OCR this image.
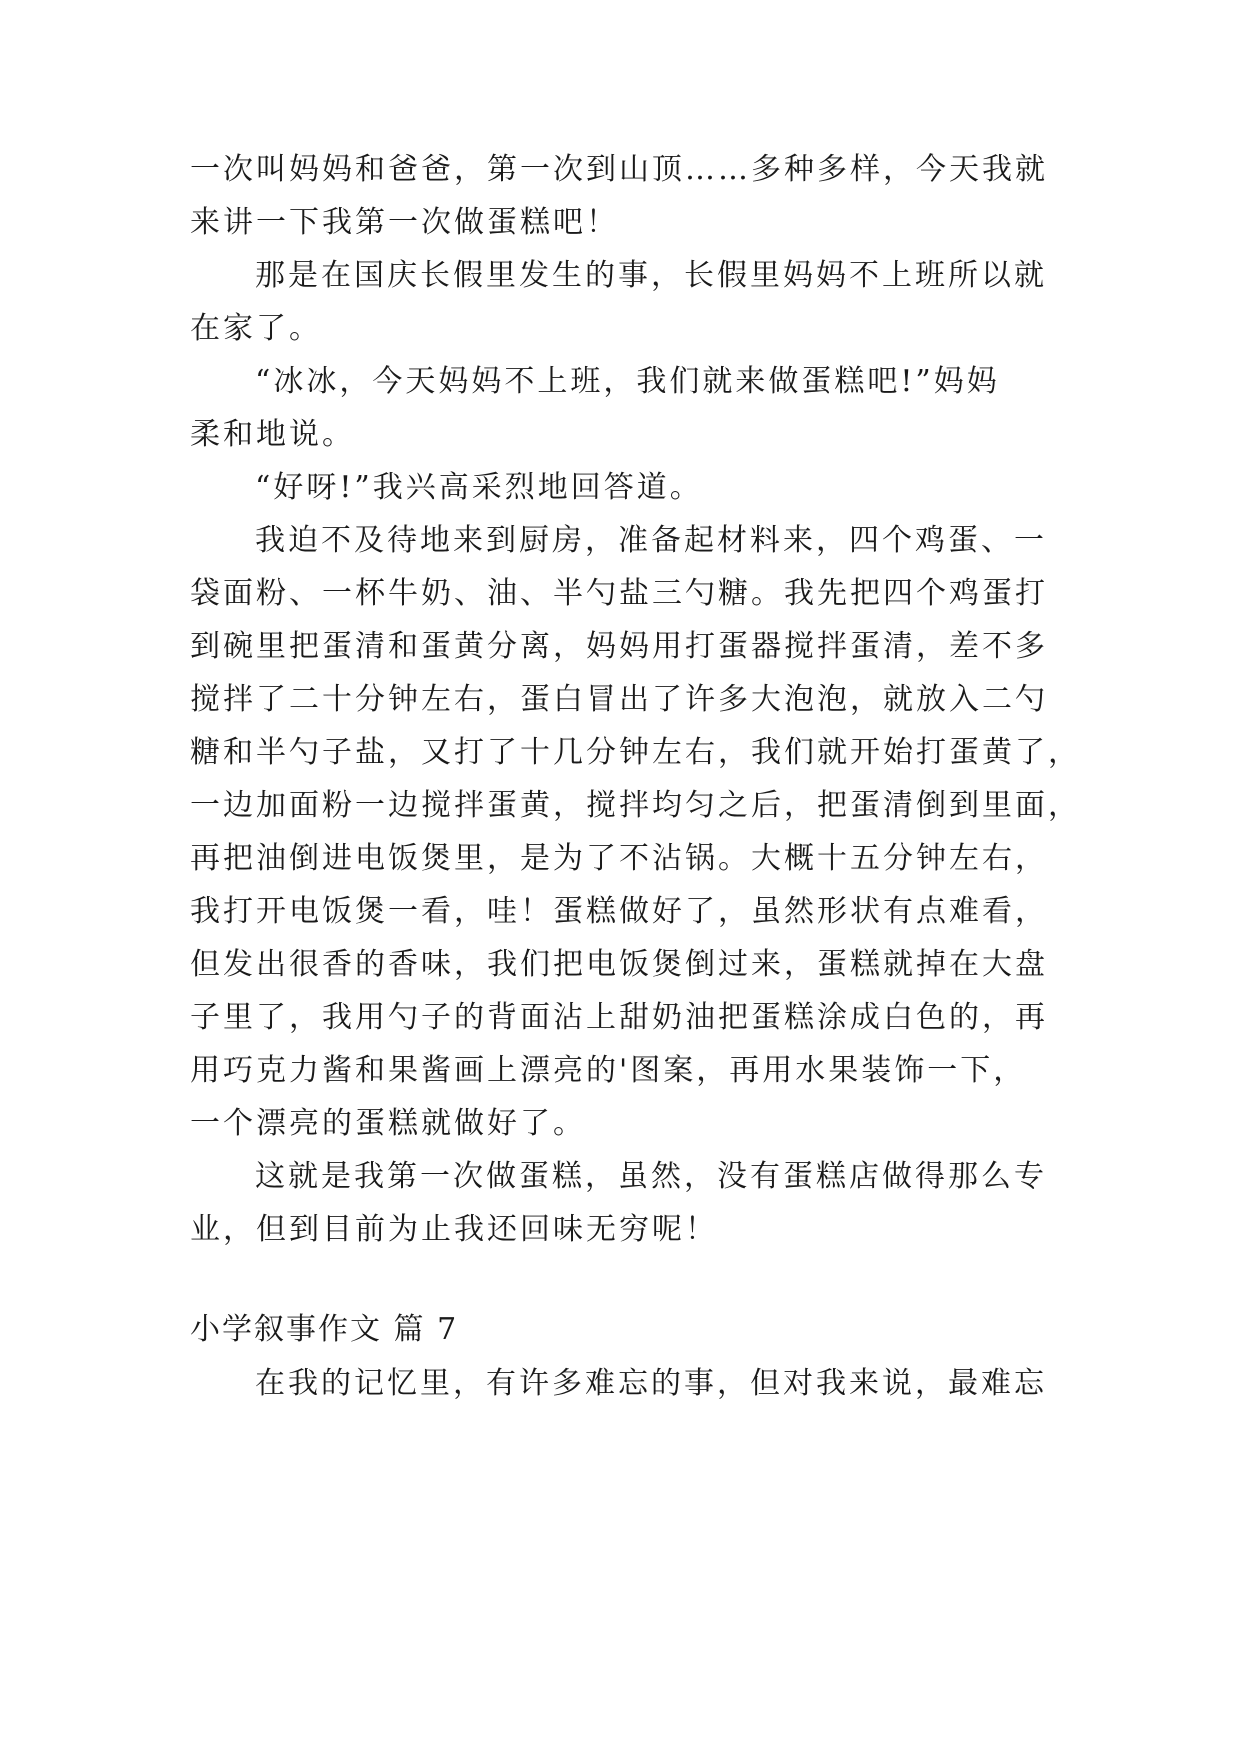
一次叫妈妈和爸爸，第一次到山顶……多种多样，今天我就

来讲一下我第一次做蛋糕吧！

那是在国庆长假里发生的事，长假里妈妈不上班所以就

在家了。

“冰冰，今天妈妈不上班，我们就来做蛋糕吧!”妈妈

柔和地说。

“好呀!”我兴高采烈地回答道。

我迫不及待地来到厨房，准备起材料来，四个鸡蛋、一

袋面粉、一杯牛奶、油、半勺盐三勺糖。我先把四个鸡蛋打

到碗里把蛋清和蛋黄分离，妈妈用打蛋器搅拌蛋清，差不多

搅拌了二十分钟左右，蛋白冒出了许多大泡泡，就放入二勺

糖和半勺子盐，又打了十几分钟左右，我们就开始打蛋黄了，

一边加面粉一边搅拌蛋黄，搅拌均匀之后，把蛋清倒到里面，

再把油倒进电饭煲里，是为了不沾锅。大概十五分钟左右，

我打开电饭煲一看，哇！蛋糕做好了，虽然形状有点难看，

但发出很香的香味，我们把电饭煲倒过来，蛋糕就掉在大盘

子里了，我用勺子的背面沾上甜奶油把蛋糕涂成白色的，再

用巧克力酱和果酱画上漂亮的'图案，再用水果装饰一下，

一个漂亮的蛋糕就做好了。

这就是我第一次做蛋糕，虽然，没有蛋糕店做得那么专

业，但到目前为止我还回味无穷呢！

小学叙事作文 篇 7

在我的记忆里，有许多难忘的事，但对我来说，最难忘
